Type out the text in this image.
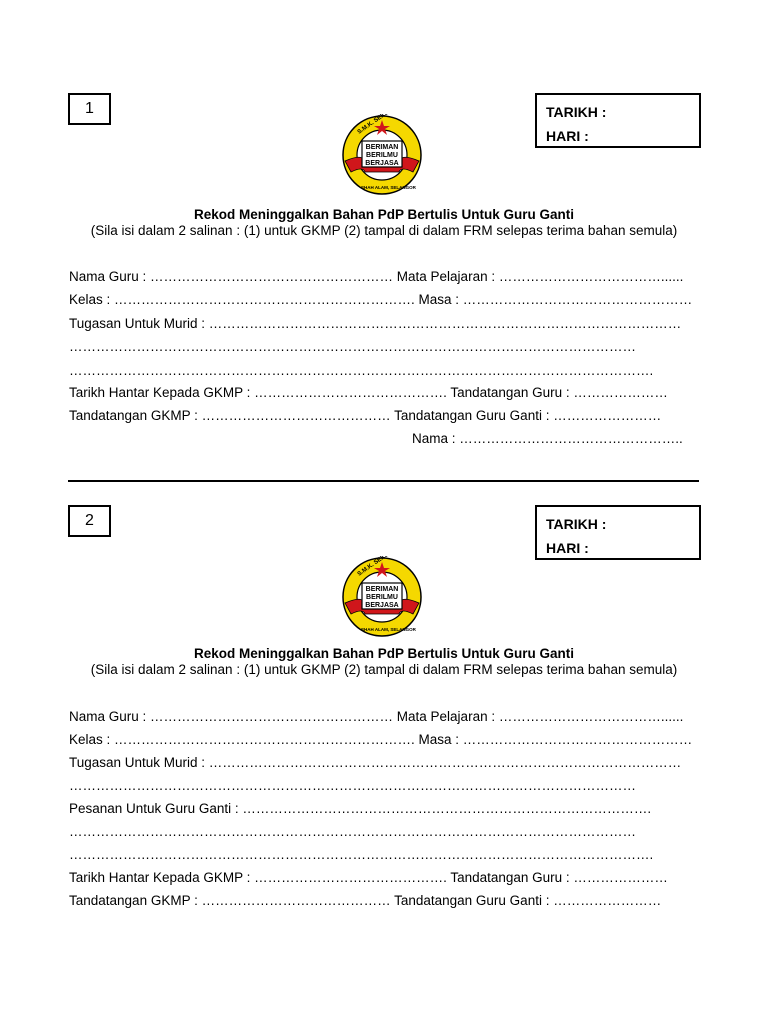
1	TARIKH :
HARI :
BERIMAN
BERILMU
BERJASA
S.M.K.
SHAH ALAM, SELANGOR
Rekod Meninggalkan Bahan PdP Bertulis Untuk Guru Ganti
(Sila isi dalam 2 salinan : (1) untuk GKMP (2) tampal di dalam FRM selepas terima bahan semula)
Nama Guru : ……………………………………………… Mata Pelajaran : ………………………………......
Kelas : …………………………………………………………. Masa : ……………………………………………
Tugasan Untuk Murid : ……………………………………………………………………………………………
………………………………………………………………………………………………………………
………………………………………………………………………………………………………………….
Tarikh Hantar Kepada GKMP : ……………………………………. Tandatangan Guru : …………………
Tandatangan GKMP : …………………………………… Tandatangan Guru Ganti : ……………………
Nama : …………………………………………..
2	TARIKH :
HARI :
BERIMAN
BERILMU
BERJASA
S.M.K.
SHAH ALAM, SELANGOR
Rekod Meninggalkan Bahan PdP Bertulis Untuk Guru Ganti
(Sila isi dalam 2 salinan : (1) untuk GKMP (2) tampal di dalam FRM selepas terima bahan semula)
Nama Guru : ……………………………………………… Mata Pelajaran : ………………………………......
Kelas : …………………………………………………………. Masa : ……………………………………………
Tugasan Untuk Murid : ……………………………………………………………………………………………
………………………………………………………………………………………………………………
Pesanan Untuk Guru Ganti : ……………………………………………………………………………….
………………………………………………………………………………………………………………
………………………………………………………………………………………………………………….
Tarikh Hantar Kepada GKMP : ……………………………………. Tandatangan Guru : …………………
Tandatangan GKMP : …………………………………… Tandatangan Guru Ganti : ……………………
